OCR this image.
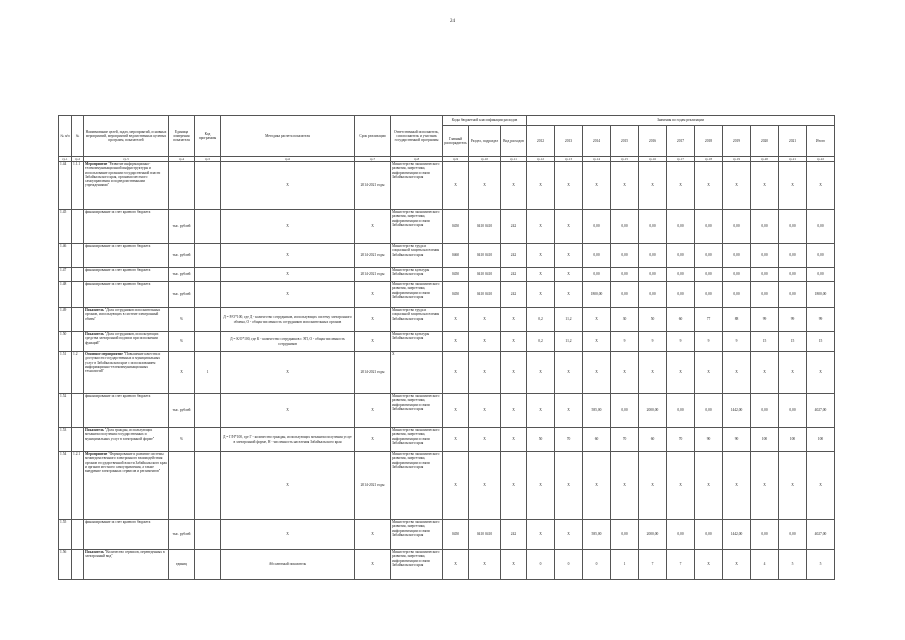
24
№ п/п	№	Наименование целей, задач, мероприятий, основных мероприятий, мероприятий ведомственных целевых программ, показателей	Единица измерения показателя	Код программы	Методика расчета показателя	Срок реализации	Ответственный исполнитель, соисполнитель и участник государственной программы	Коды бюджетной классификации расходов			Значения по годам реализации										
								Главный распорядитель	Раздел, подраздел	Вид расходов	2012	2013	2014	2015	2016	2017	2018	2019	2020	2021	Итого
гр.1	гр.2	гр.3	гр.4	гр.5	гр.6	гр.7	гр.8	гр.9	гр.10	гр.11	гр.12	гр.13	гр.14	гр.15	гр.16	гр.17	гр.18	гр.19	гр.20	гр.21	гр.22
1.44	1.1.1	Мероприятие "Развитие информационно-телекоммуникационной инфраструктуры и использование органами государственной власти Забайкальского края, органами местного самоуправления и подведомственными учреждениями"			X	2014-2021 годы	Министерство экономического развития, энергетики, информатизации и связи Забайкальского края	X	X	X	X	X	X	X	X	X	X	X	X	X	X
1.45		финансирование за счет краевого бюджета	тыс. рублей		X	X	Министерство экономического развития, энергетики, информатизации и связи Забайкальского края	0450	0410 0410	242	X	X	0,00	0,00	0,00	0,00	0,00	0,00	0,00	0,00	0,00
1.46		финансирование за счет краевого бюджета	тыс. рублей		X	2014-2021 годы	Министерство труда и социальной защиты населения Забайкальского края	0460	0410 0410	242	X	X	0,00	0,00	0,00	0,00	0,00	0,00	0,00	0,00	0,00
1.47		финансирование за счет краевого бюджета	тыс. рублей		X	2014-2021 годы	Министерство культуры Забайкальского края	0450	0410 0410	242	X	X	0,00	0,00	0,00	0,00	0,00	0,00	0,00	0,00	0,00
1.48		финансирование за счет краевого бюджета	тыс. рублей		X	X	Министерство экономического развития, энергетики, информатизации и связи Забайкальского края	0450	0410 0410	242	X	X	1800,00	0,00	0,00	0,00	0,00	0,00	0,00	0,00	1800,00
1.49		Показатель "Доля сотрудников исполнительных органов, использующих в системе электронный обмен"	%		Д = Р/О*100, где Д - количество сотрудников, использующих систему электронного обмена, О - общая численность сотрудников исполнительных органов	X	Министерство труда и социальной защиты населения Забайкальского края	X	X	X	0,2	11,2	X	30	50	60	77	88	99	99	99
1.50		Показатель "Доля сотрудников, использующих средства электронной подписи при исполнении функций"	%		Д = К/О*100, где К - количество сотрудников с ЭП, О - общая численность сотрудников	X	Министерство культуры Забайкальского края	X	X	X	0,2	11,2	X	9	9	9	9	9	15	15	15
1.51	1.2	Основное мероприятие "Повышение качества и доступности государственных и муниципальных услуг в Забайкальском крае с использованием информационно-телекоммуникационных технологий"	X	1	X	2014-2021 годы	X	X	X	X	X	X	X	X	X	X	X	X	X	X	X
1.52		финансирование за счет краевого бюджета	тыс. рублей		X	X	Министерство экономического развития, энергетики, информатизации и связи Забайкальского края	X	X	X	X	X	585,00	0,00	2000,00	0,00	0,00	1442,00	0,00	0,00	4027,00
1.53		Показатель "Доля граждан, использующих механизм получения государственных и муниципальных услуг в электронной форме"	%		Д = Г/Н*100, где Г - количество граждан, использующих механизм получения услуг в электронной форме, Н - численность населения Забайкальского края	X	Министерство экономического развития, энергетики, информатизации и связи Забайкальского края	X	X	X	50	70	60	70	60	70	90	90	100	100	100
1.54	1.2.1	Мероприятие "Формирование и развитие системы межведомственного электронного взаимодействия органов государственной власти Забайкальского края и органов местного самоуправления, а также внедрение электронных сервисов и регламентов"			X	2014-2021 годы	Министерство экономического развития, энергетики, информатизации и связи Забайкальского края	X	X	X	X	X	X	X	X	X	X	X	X	X	X
1.55		финансирование за счет краевого бюджета	тыс. рублей		X	X	Министерство экономического развития, энергетики, информатизации и связи Забайкальского края	0450	0410 0410	242	X	X	585,00	0,00	2000,00	0,00	0,00	1442,00	0,00	0,00	4027,00
1.56		Показатель "Количество сервисов, переведенных в электронный вид"	единиц		Абсолютный показатель	X	Министерство экономического развития, энергетики, информатизации и связи Забайкальского края	X	X	X	0	0	0	1	7	7	X	X	4	5	5
